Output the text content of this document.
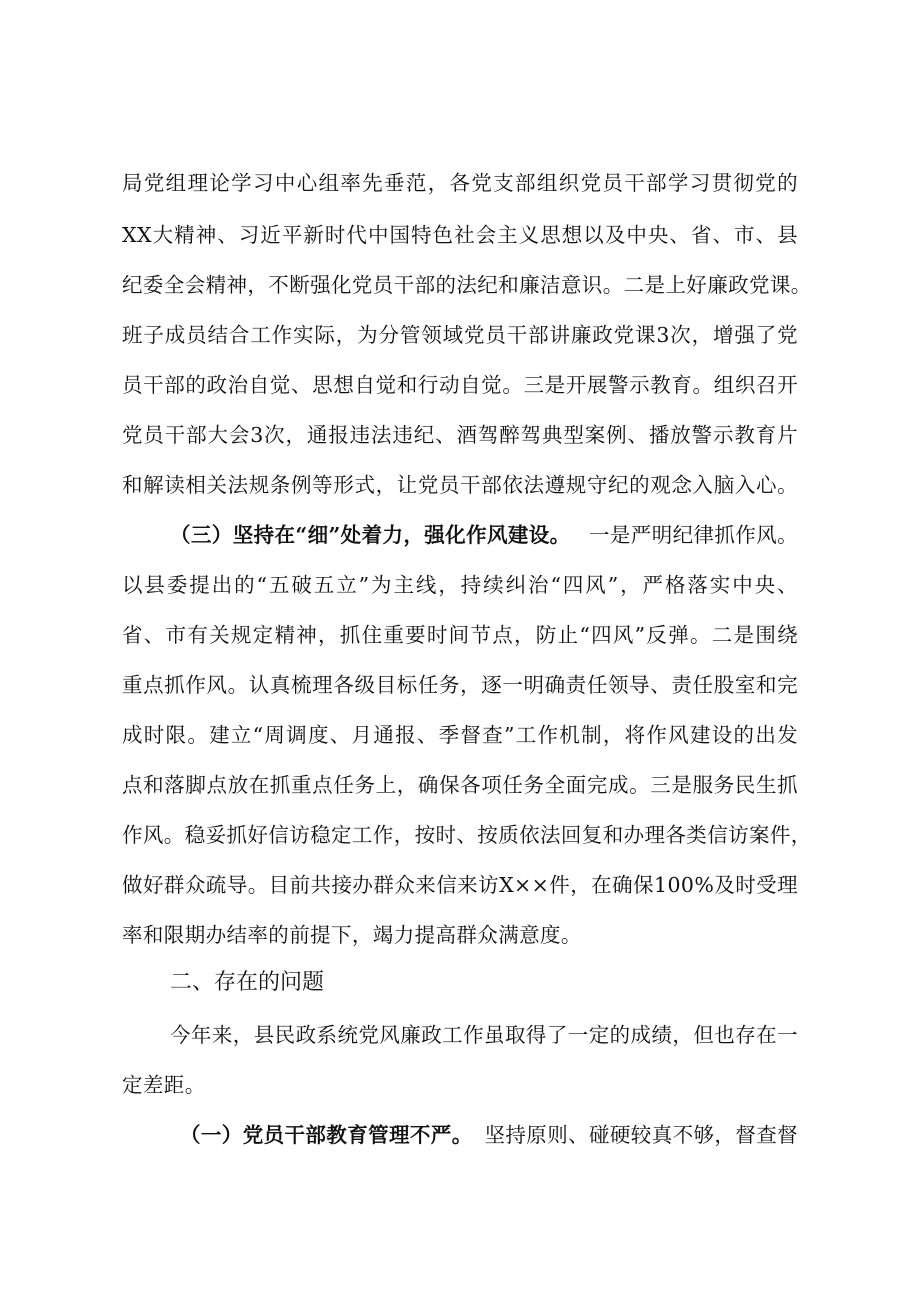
局党组理论学习中心组率先垂范，各党支部组织党员干部学习贯彻党的
XX大精神、习近平新时代中国特色社会主义思想以及中央、省、市、县
纪委全会精神，不断强化党员干部的法纪和廉洁意识。二是上好廉政党课。
班子成员结合工作实际，为分管领域党员干部讲廉政党课3次，增强了党
员干部的政治自觉、思想自觉和行动自觉。三是开展警示教育。组织召开
党员干部大会3次，通报违法违纪、酒驾醉驾典型案例、播放警示教育片
和解读相关法规条例等形式，让党员干部依法遵规守纪的观念入脑入心。
（三）坚持在“细”处着力，强化作风建设。 一是严明纪律抓作风。
以县委提出的“五破五立”为主线，持续纠治“四风”，严格落实中央、
省、市有关规定精神，抓住重要时间节点，防止“四风”反弹。二是围绕
重点抓作风。认真梳理各级目标任务，逐一明确责任领导、责任股室和完
成时限。建立“周调度、月通报、季督查”工作机制，将作风建设的出发
点和落脚点放在抓重点任务上，确保各项任务全面完成。三是服务民生抓
作风。稳妥抓好信访稳定工作，按时、按质依法回复和办理各类信访案件，
做好群众疏导。目前共接办群众来信来访X××件，在确保100%及时受理
率和限期办结率的前提下，竭力提高群众满意度。
二、存在的问题
今年来，县民政系统党风廉政工作虽取得了一定的成绩，但也存在一
定差距。
（一）党员干部教育管理不严。 坚持原则、碰硬较真不够，督查督
